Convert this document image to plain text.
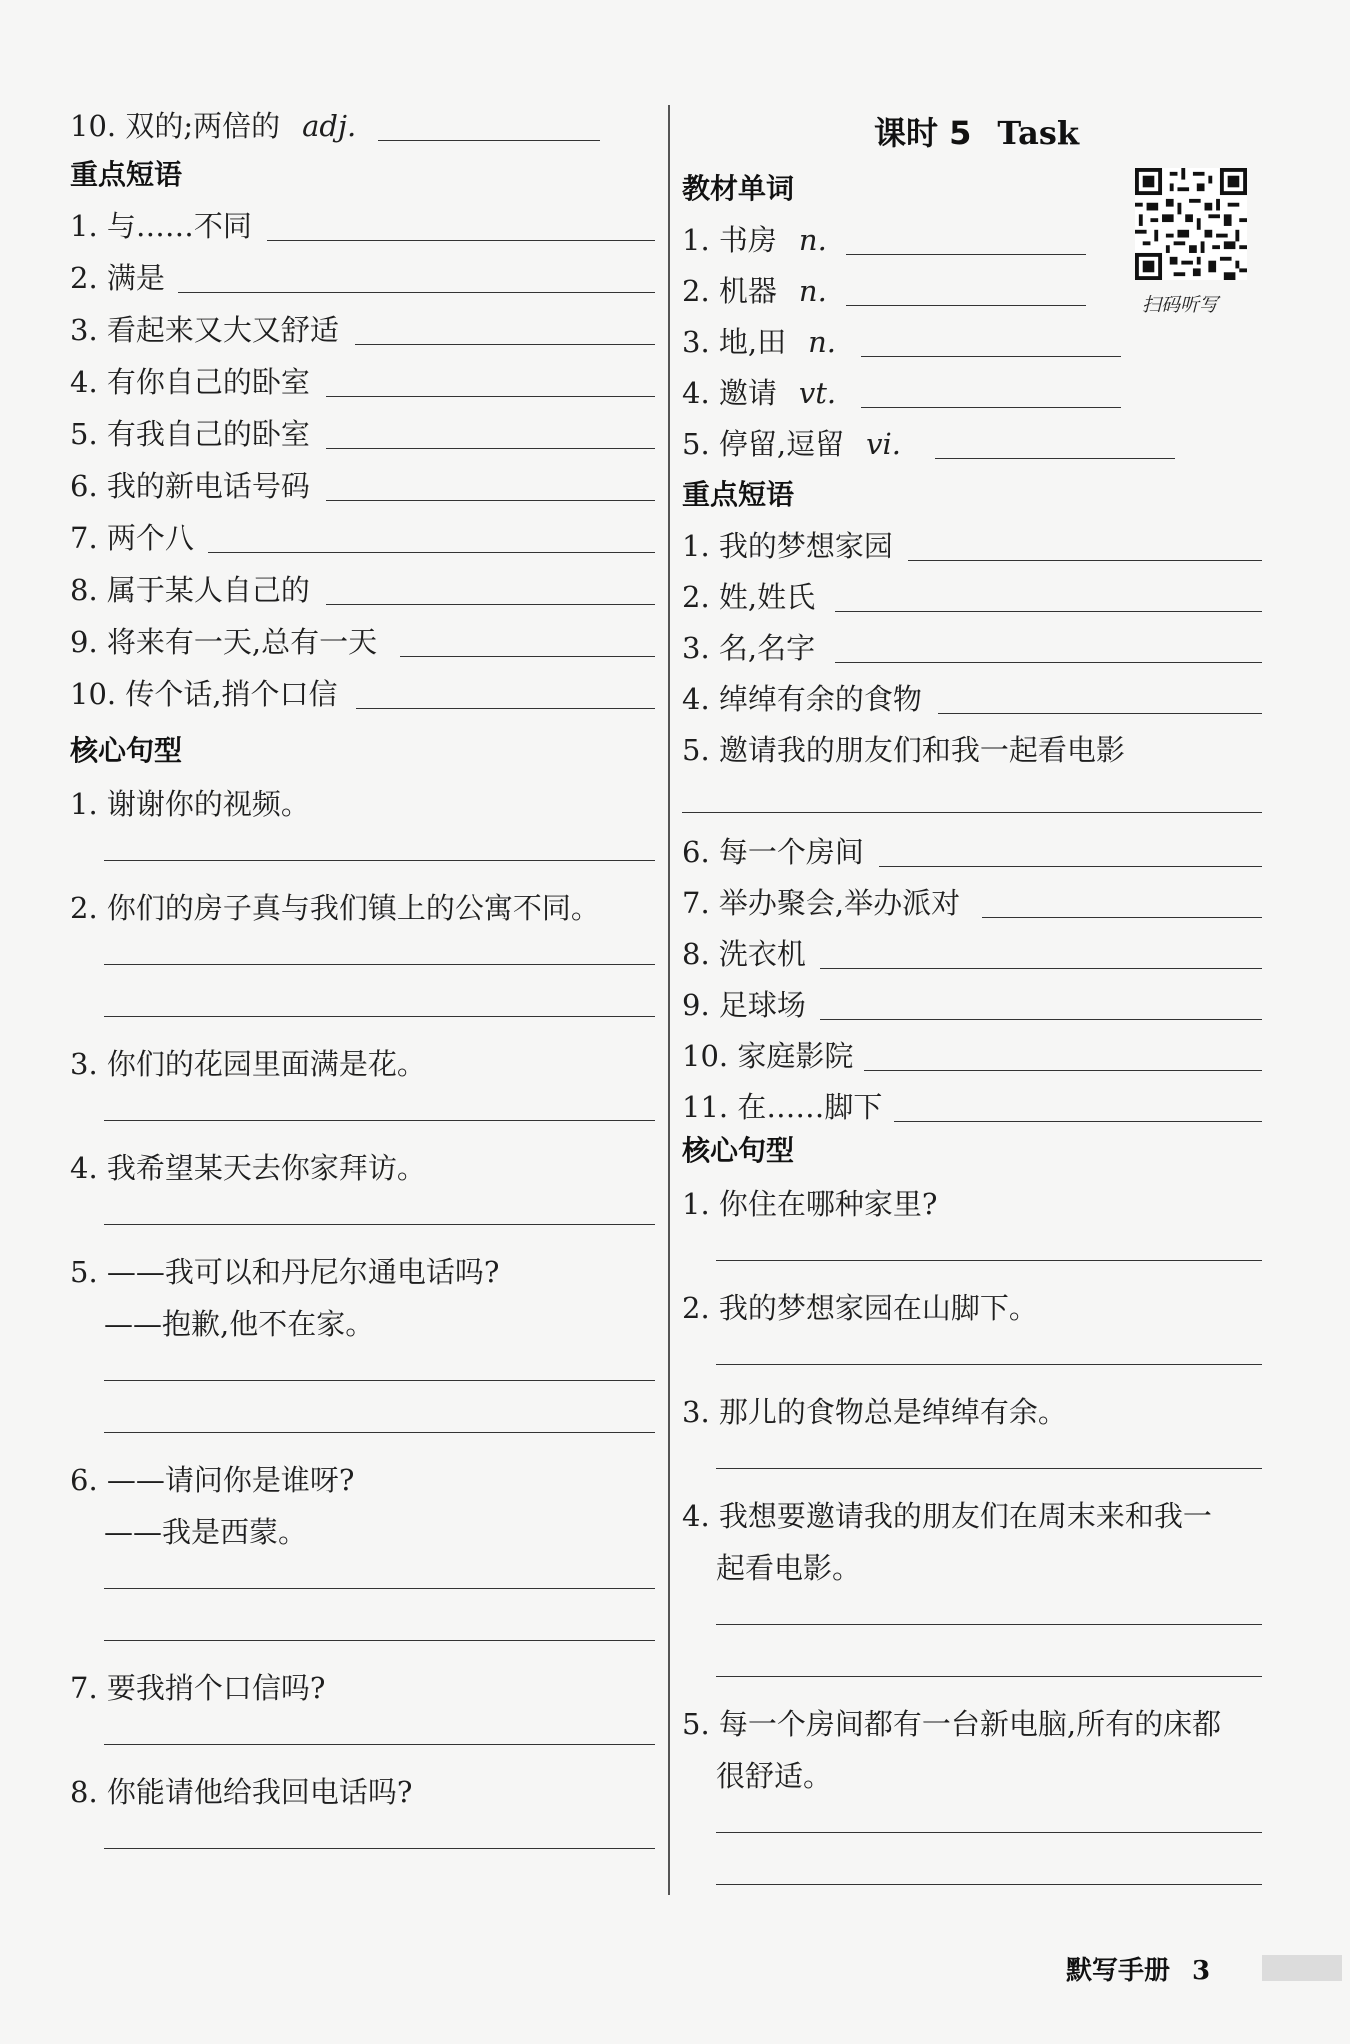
10. 双的;两倍的 adj.
重点短语
1. 与……不同
2. 满是
3. 看起来又大又舒适
4. 有你自己的卧室
5. 有我自己的卧室
6. 我的新电话号码
7. 两个八
8. 属于某人自己的
9. 将来有一天,总有一天
10. 传个话,捎个口信
核心句型
1. 谢谢你的视频。
2. 你们的房子真与我们镇上的公寓不同。
3. 你们的花园里面满是花。
4. 我希望某天去你家拜访。
5. ——我可以和丹尼尔通电话吗?
——抱歉,他不在家。
6. ——请问你是谁呀?
——我是西蒙。
7. 要我捎个口信吗?
8. 你能请他给我回电话吗?
课时 5 Task
教材单词
1. 书房 n.
2. 机器 n.
3. 地,田 n.
4. 邀请 vt.
5. 停留,逗留 vi.
重点短语
1. 我的梦想家园
2. 姓,姓氏
3. 名,名字
4. 绰绰有余的食物
5. 邀请我的朋友们和我一起看电影
6. 每一个房间
7. 举办聚会,举办派对
8. 洗衣机
9. 足球场
10. 家庭影院
11. 在……脚下
核心句型
1. 你住在哪种家里?
2. 我的梦想家园在山脚下。
3. 那儿的食物总是绰绰有余。
4. 我想要邀请我的朋友们在周末来和我一
起看电影。
5. 每一个房间都有一台新电脑,所有的床都
很舒适。
扫码听写
默写手册 3
